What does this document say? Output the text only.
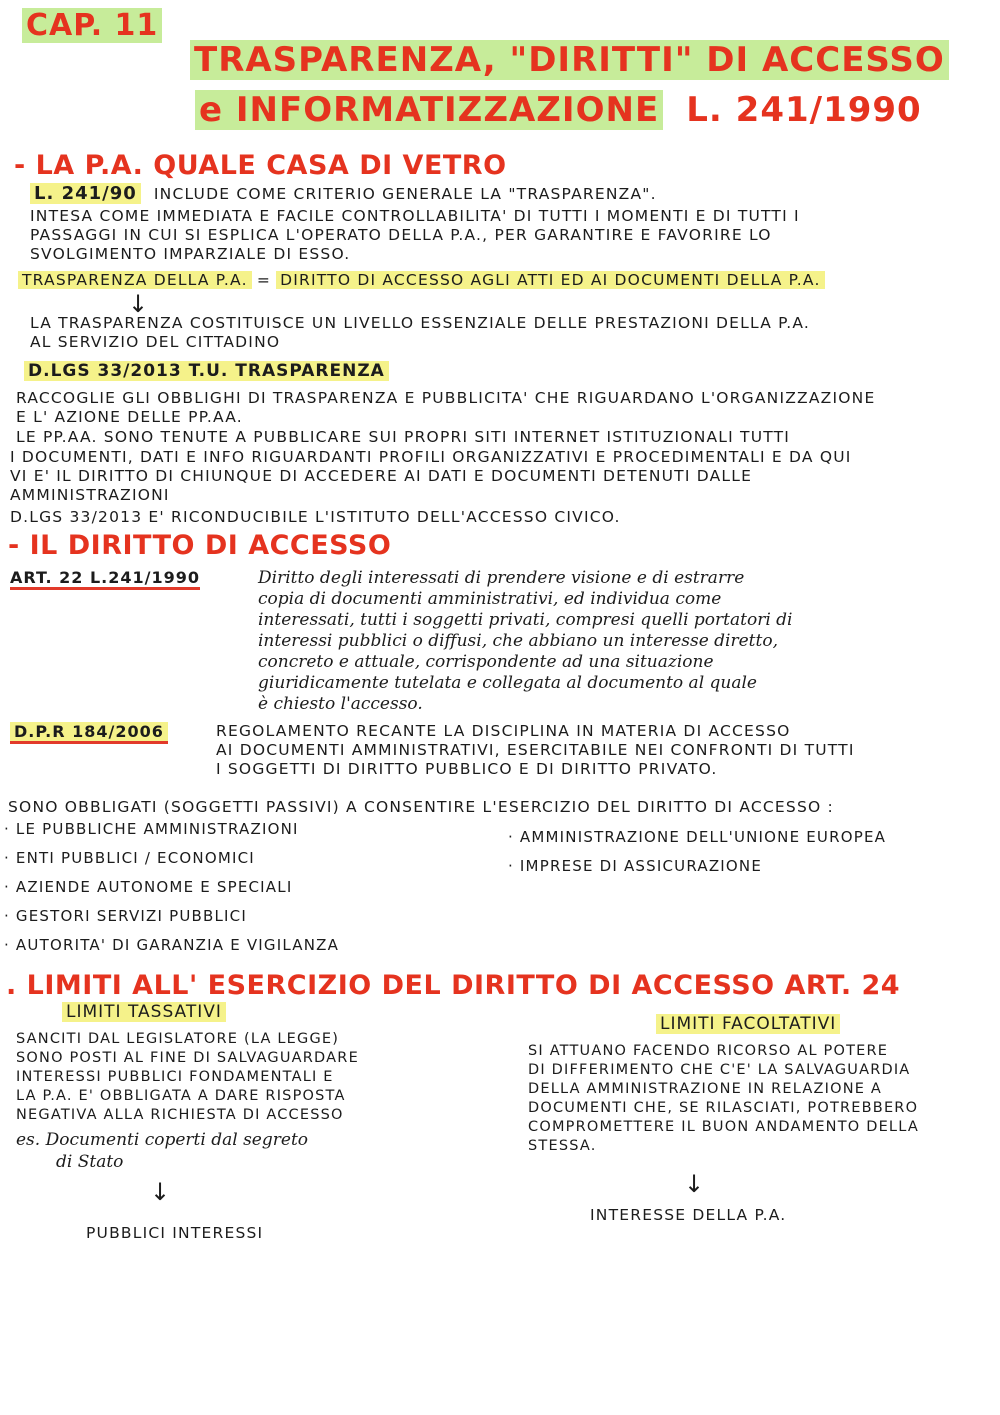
CAP. 11
TRASPARENZA, "DIRITTI" DI ACCESSO
e INFORMATIZZAZIONE L. 241/1990
- LA P.A. QUALE CASA DI VETRO
L. 241/90 INCLUDE COME CRITERIO GENERALE LA "TRASPARENZA".
INTESA COME IMMEDIATA E FACILE CONTROLLABILITA' DI TUTTI I MOMENTI E DI TUTTI I
PASSAGGI IN CUI SI ESPLICA L'OPERATO DELLA P.A., PER GARANTIRE E FAVORIRE LO
SVOLGIMENTO IMPARZIALE DI ESSO.
TRASPARENZA DELLA P.A. = DIRITTO DI ACCESSO AGLI ATTI ED AI DOCUMENTI DELLA P.A.
↓
LA TRASPARENZA COSTITUISCE UN LIVELLO ESSENZIALE DELLE PRESTAZIONI DELLA P.A.
AL SERVIZIO DEL CITTADINO
D.LGS 33/2013 T.U. TRASPARENZA
RACCOGLIE GLI OBBLIGHI DI TRASPARENZA E PUBBLICITA' CHE RIGUARDANO L'ORGANIZZAZIONE
E L' AZIONE DELLE PP.AA.
LE PP.AA. SONO TENUTE A PUBBLICARE SUI PROPRI SITI INTERNET ISTITUZIONALI TUTTI
I DOCUMENTI, DATI E INFO RIGUARDANTI PROFILI ORGANIZZATIVI E PROCEDIMENTALI E DA QUI
VI E' IL DIRITTO DI CHIUNQUE DI ACCEDERE AI DATI E DOCUMENTI DETENUTI DALLE
AMMINISTRAZIONI
D.LGS 33/2013 E' RICONDUCIBILE L'ISTITUTO DELL'ACCESSO CIVICO.
- IL DIRITTO DI ACCESSO
ART. 22 L.241/1990	Diritto degli interessati di prendere visione e di estrarre
copia di documenti amministrativi, ed individua come
interessati, tutti i soggetti privati, compresi quelli portatori di
interessi pubblici o diffusi, che abbiano un interesse diretto,
concreto e attuale, corrispondente ad una situazione
giuridicamente tutelata e collegata al documento al quale
è chiesto l'accesso.
D.P.R 184/2006	REGOLAMENTO RECANTE LA DISCIPLINA IN MATERIA DI ACCESSO
AI DOCUMENTI AMMINISTRATIVI, ESERCITABILE NEI CONFRONTI DI TUTTI
I SOGGETTI DI DIRITTO PUBBLICO E DI DIRITTO PRIVATO.
SONO OBBLIGATI (SOGGETTI PASSIVI) A CONSENTIRE L'ESERCIZIO DEL DIRITTO DI ACCESSO :
· LE PUBBLICHE AMMINISTRAZIONI
· ENTI PUBBLICI / ECONOMICI
· AZIENDE AUTONOME E SPECIALI
· GESTORI SERVIZI PUBBLICI
· AUTORITA' DI GARANZIA E VIGILANZA
· AMMINISTRAZIONE DELL'UNIONE EUROPEA
· IMPRESE DI ASSICURAZIONE
. LIMITI ALL' ESERCIZIO DEL DIRITTO DI ACCESSO ART. 24
LIMITI TASSATIVI
SANCITI DAL LEGISLATORE (LA LEGGE)
SONO POSTI AL FINE DI SALVAGUARDARE
INTERESSI PUBBLICI FONDAMENTALI E
LA P.A. E' OBBLIGATA A DARE RISPOSTA
NEGATIVA ALLA RICHIESTA DI ACCESSO
es. Documenti coperti dal segreto
di Stato
↓
PUBBLICI INTERESSI
LIMITI FACOLTATIVI
SI ATTUANO FACENDO RICORSO AL POTERE
DI DIFFERIMENTO CHE C'E' LA SALVAGUARDIA
DELLA AMMINISTRAZIONE IN RELAZIONE A
DOCUMENTI CHE, SE RILASCIATI, POTREBBERO
COMPROMETTERE IL BUON ANDAMENTO DELLA
STESSA.
↓
INTERESSE DELLA P.A.
